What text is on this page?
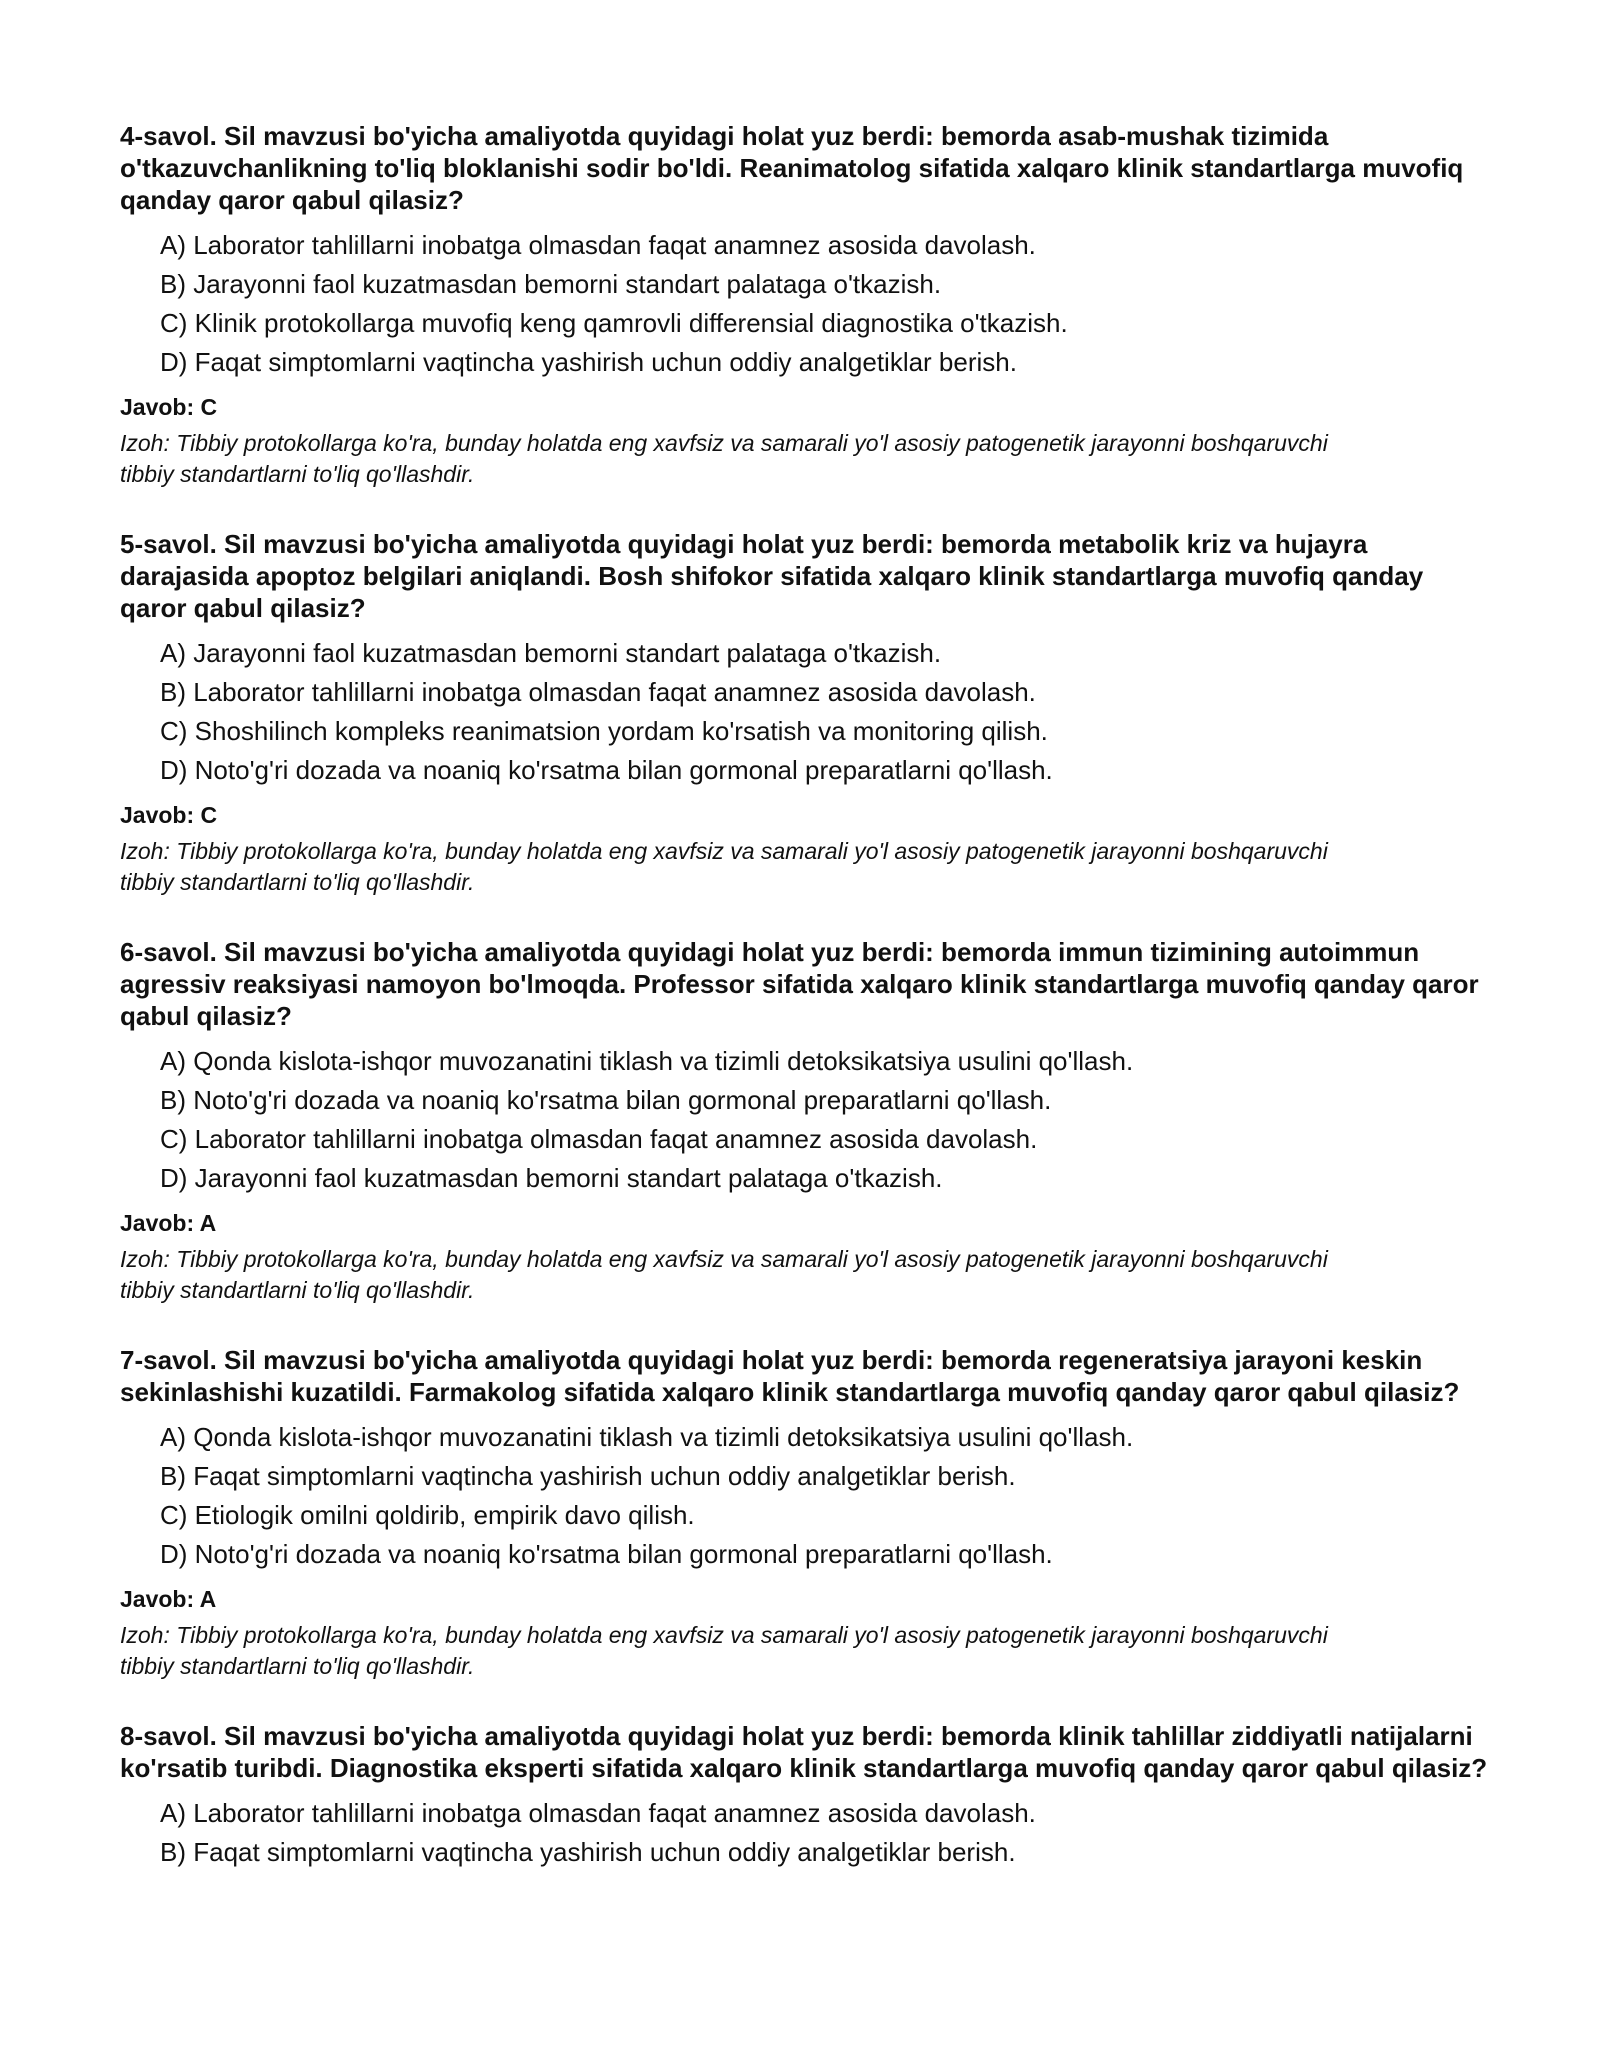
4-savol. Sil mavzusi bo'yicha amaliyotda quyidagi holat yuz berdi: bemorda asab-mushak tizimida o'tkazuvchanlikning to'liq bloklanishi sodir bo'ldi. Reanimatolog sifatida xalqaro klinik standartlarga muvofiq qanday qaror qabul qilasiz?
A) Laborator tahlillarni inobatga olmasdan faqat anamnez asosida davolash.
B) Jarayonni faol kuzatmasdan bemorni standart palataga o'tkazish.
C) Klinik protokollarga muvofiq keng qamrovli differensial diagnostika o'tkazish.
D) Faqat simptomlarni vaqtincha yashirish uchun oddiy analgetiklar berish.
Javob: C
Izoh: Tibbiy protokollarga ko'ra, bunday holatda eng xavfsiz va samarali yo'l asosiy patogenetik jarayonni boshqaruvchi tibbiy standartlarni to'liq qo'llashdir.
5-savol. Sil mavzusi bo'yicha amaliyotda quyidagi holat yuz berdi: bemorda metabolik kriz va hujayra darajasida apoptoz belgilari aniqlandi. Bosh shifokor sifatida xalqaro klinik standartlarga muvofiq qanday qaror qabul qilasiz?
A) Jarayonni faol kuzatmasdan bemorni standart palataga o'tkazish.
B) Laborator tahlillarni inobatga olmasdan faqat anamnez asosida davolash.
C) Shoshilinch kompleks reanimatsion yordam ko'rsatish va monitoring qilish.
D) Noto'g'ri dozada va noaniq ko'rsatma bilan gormonal preparatlarni qo'llash.
Javob: C
Izoh: Tibbiy protokollarga ko'ra, bunday holatda eng xavfsiz va samarali yo'l asosiy patogenetik jarayonni boshqaruvchi tibbiy standartlarni to'liq qo'llashdir.
6-savol. Sil mavzusi bo'yicha amaliyotda quyidagi holat yuz berdi: bemorda immun tizimining autoimmun agressiv reaksiyasi namoyon bo'lmoqda. Professor sifatida xalqaro klinik standartlarga muvofiq qanday qaror qabul qilasiz?
A) Qonda kislota-ishqor muvozanatini tiklash va tizimli detoksikatsiya usulini qo'llash.
B) Noto'g'ri dozada va noaniq ko'rsatma bilan gormonal preparatlarni qo'llash.
C) Laborator tahlillarni inobatga olmasdan faqat anamnez asosida davolash.
D) Jarayonni faol kuzatmasdan bemorni standart palataga o'tkazish.
Javob: A
Izoh: Tibbiy protokollarga ko'ra, bunday holatda eng xavfsiz va samarali yo'l asosiy patogenetik jarayonni boshqaruvchi tibbiy standartlarni to'liq qo'llashdir.
7-savol. Sil mavzusi bo'yicha amaliyotda quyidagi holat yuz berdi: bemorda regeneratsiya jarayoni keskin sekinlashishi kuzatildi. Farmakolog sifatida xalqaro klinik standartlarga muvofiq qanday qaror qabul qilasiz?
A) Qonda kislota-ishqor muvozanatini tiklash va tizimli detoksikatsiya usulini qo'llash.
B) Faqat simptomlarni vaqtincha yashirish uchun oddiy analgetiklar berish.
C) Etiologik omilni qoldirib, empirik davo qilish.
D) Noto'g'ri dozada va noaniq ko'rsatma bilan gormonal preparatlarni qo'llash.
Javob: A
Izoh: Tibbiy protokollarga ko'ra, bunday holatda eng xavfsiz va samarali yo'l asosiy patogenetik jarayonni boshqaruvchi tibbiy standartlarni to'liq qo'llashdir.
8-savol. Sil mavzusi bo'yicha amaliyotda quyidagi holat yuz berdi: bemorda klinik tahlillar ziddiyatli natijalarni ko'rsatib turibdi. Diagnostika eksperti sifatida xalqaro klinik standartlarga muvofiq qanday qaror qabul qilasiz?
A) Laborator tahlillarni inobatga olmasdan faqat anamnez asosida davolash.
B) Faqat simptomlarni vaqtincha yashirish uchun oddiy analgetiklar berish.
